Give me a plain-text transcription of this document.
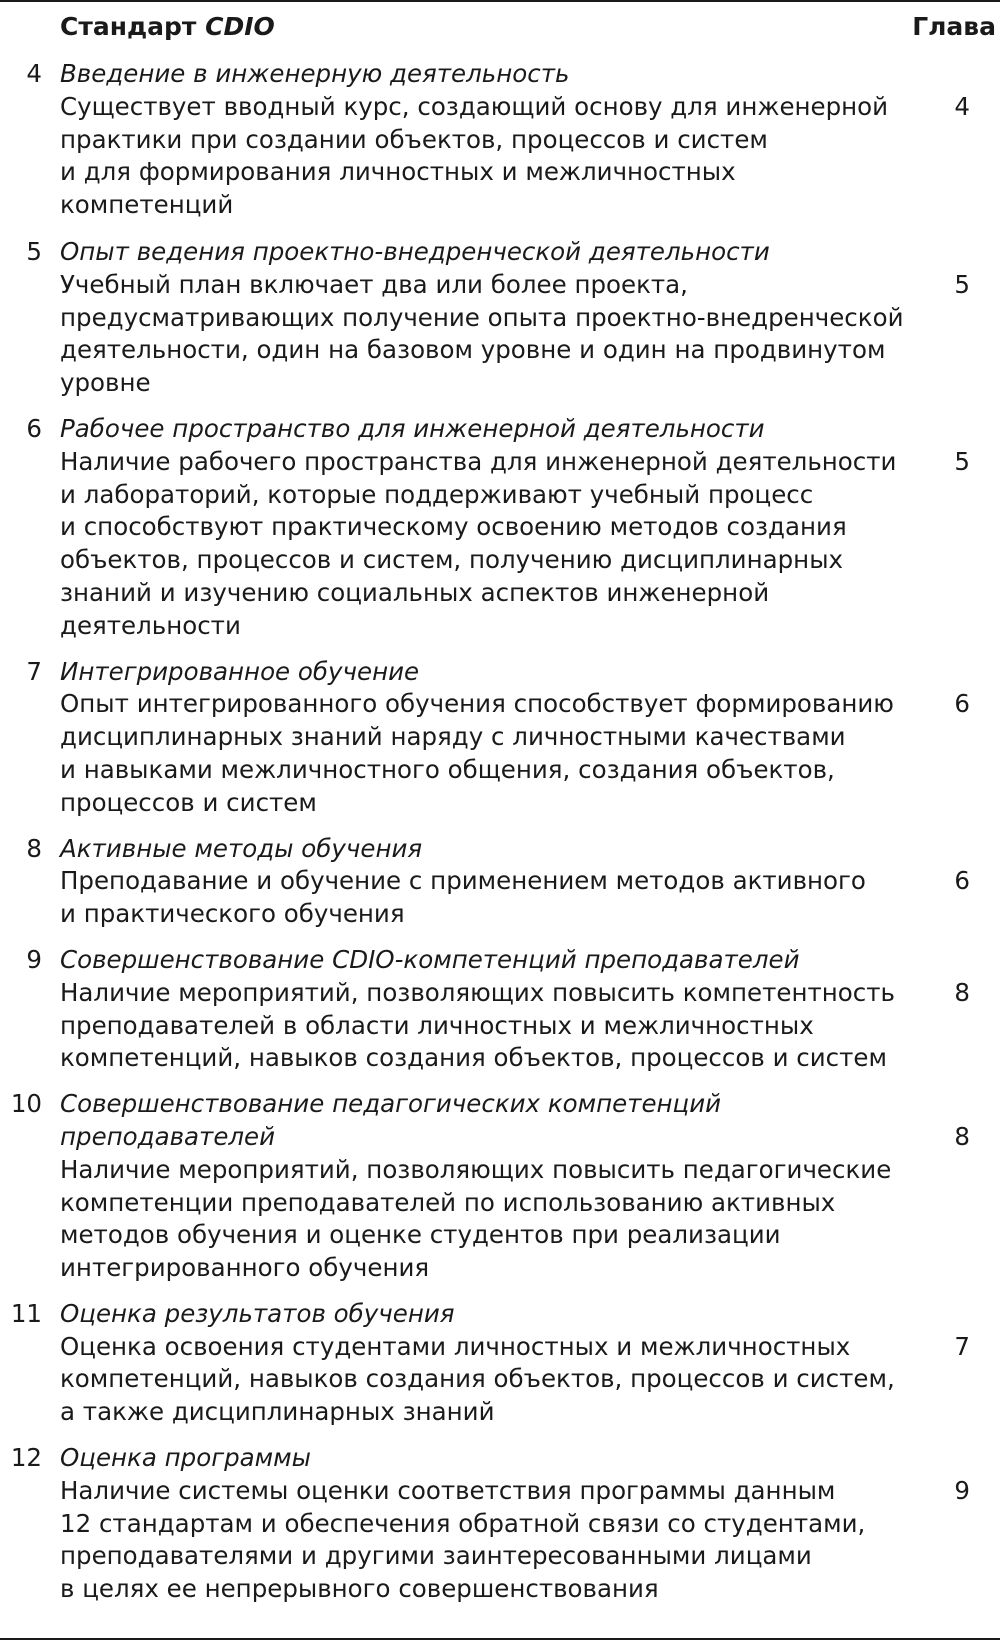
Стандарт CDIO	Глава
4 Введение в инженерную деятельность
Существует вводный курс, создающий основу для инженерной
практики при создании объектов, процессов и систем
и для формирования личностных и межличностных
компетенций
4
5 Опыт ведения проектно-внедренческой деятельности
Учебный план включает два или более проекта,
предусматривающих получение опыта проектно-внедренческой
деятельности, один на базовом уровне и один на продвинутом
уровне
5
6 Рабочее пространство для инженерной деятельности
Наличие рабочего пространства для инженерной деятельности
и лабораторий, которые поддерживают учебный процесс
и способствуют практическому освоению методов создания
объектов, процессов и систем, получению дисциплинарных
знаний и изучению социальных аспектов инженерной
деятельности
5
7 Интегрированное обучение
Опыт интегрированного обучения способствует формированию
дисциплинарных знаний наряду с личностными качествами
и навыками межличностного общения, создания объектов,
процессов и систем
6
8 Активные методы обучения
Преподавание и обучение с применением методов активного
и практического обучения
6
9 Совершенствование CDIO-компетенций преподавателей
Наличие мероприятий, позволяющих повысить компетентность
преподавателей в области личностных и межличностных
компетенций, навыков создания объектов, процессов и систем
8
10 Совершенствование педагогических компетенций
преподавателей
Наличие мероприятий, позволяющих повысить педагогические
компетенции преподавателей по использованию активных
методов обучения и оценке студентов при реализации
интегрированного обучения
8
11 Оценка результатов обучения
Оценка освоения студентами личностных и межличностных
компетенций, навыков создания объектов, процессов и систем,
а также дисциплинарных знаний
7
12 Оценка программы
Наличие системы оценки соответствия программы данным
12 стандартам и обеспечения обратной связи со студентами,
преподавателями и другими заинтересованными лицами
в целях ее непрерывного совершенствования
9
